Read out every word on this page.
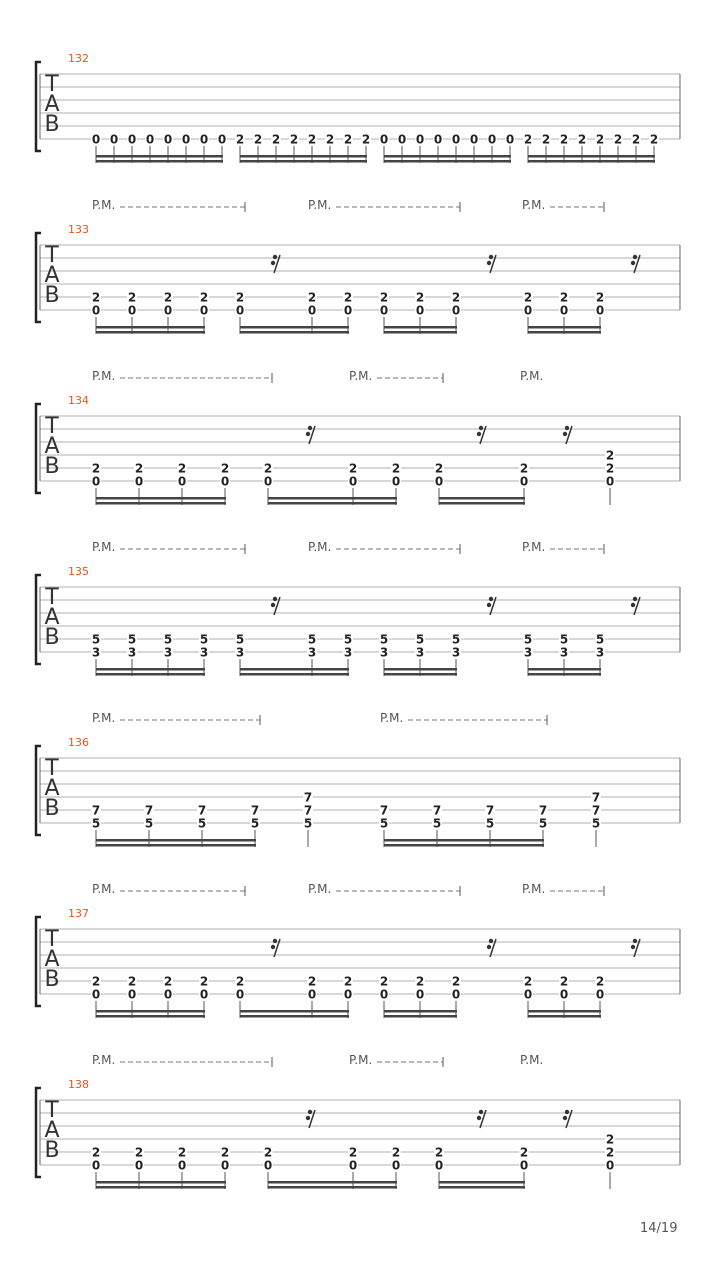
T
A
B
132
0 0 0 0 0 0 0 0 2 2 2 2 2 2 2 2 0 0 0 0 0 0 0 0 2 2 2 2 2 2 2 2
T
A
B
133
P.M.	P.M.	P.M.
2
0
2
0
2
0
2
0
2
0
2
0
2
0
2
0
2
0
2
0
2
0
2
0
2
0
T
A
B
134
P.M.	P.M.	P.M.
2
0
2
0
2
0
2
0
2
0
2
0
2
0
2
0
2
0
2
2
0
T
A
B
135
P.M.	P.M.	P.M.
5
3
5
3
5
3
5
3
5
3
5
3
5
3
5
3
5
3
5
3
5
3
5
3
5
3
T
A
B
136
P.M.	P.M.
7
5
7
5
7
5
7
5
7
7
5
7
5
7
5
7
5
7
5
7
7
5
T
A
B
137
P.M.	P.M.	P.M.
2
0
2
0
2
0
2
0
2
0
2
0
2
0
2
0
2
0
2
0
2
0
2
0
2
0
T
A
B
138
P.M.	P.M.	P.M.
2
0
2
0
2
0
2
0
2
0
2
0
2
0
2
0
2
0
2
2
0
14/19
